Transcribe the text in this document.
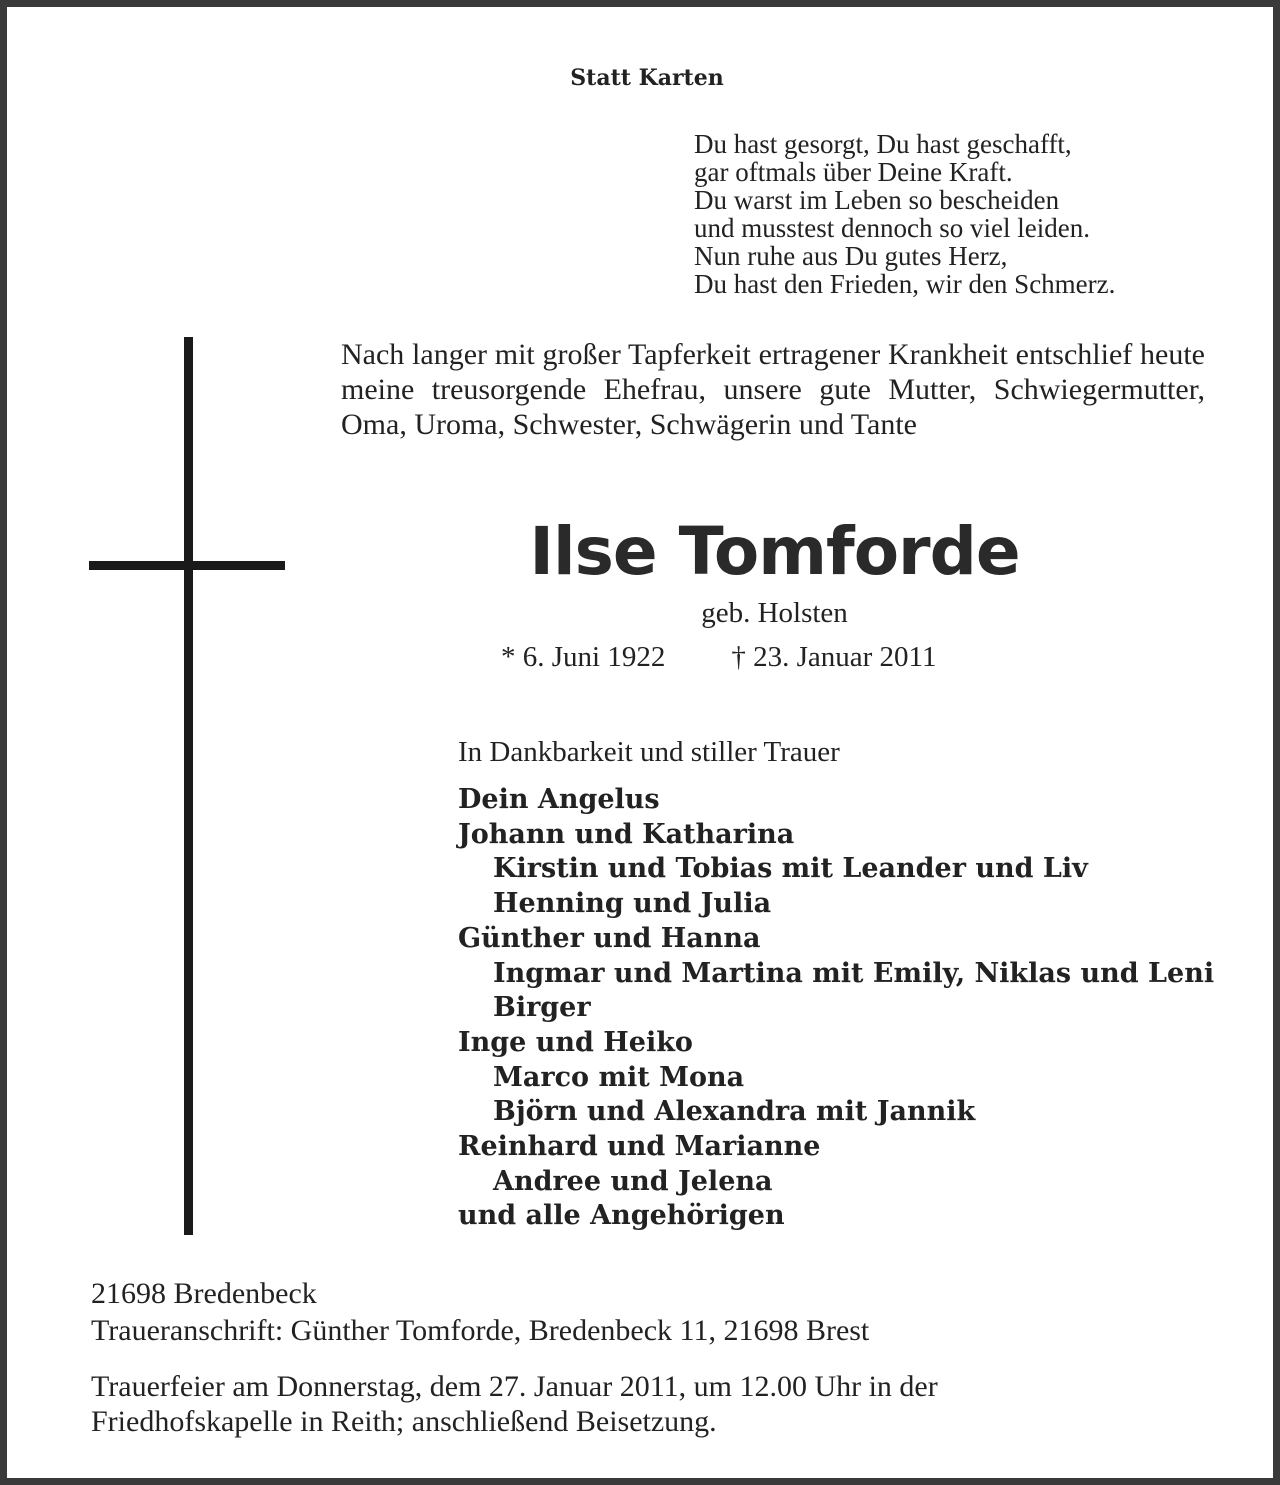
Statt Karten
Du hast gesorgt, Du hast geschafft,
gar oftmals über Deine Kraft.
Du warst im Leben so bescheiden
und musstest dennoch so viel leiden.
Nun ruhe aus Du gutes Herz,
Du hast den Frieden, wir den Schmerz.
Nach langer mit großer Tapferkeit ertragener Krankheit entschlief heute meine treusorgende Ehefrau, unsere gute Mutter, Schwiegermutter, Oma, Uroma, Schwester, Schwägerin und Tante
Ilse Tomforde
geb. Holsten
* 6. Juni 1922 † 23. Januar 2011
In Dankbarkeit und stiller Trauer
Dein Angelus
Johann und Katharina
Kirstin und Tobias mit Leander und Liv
Henning und Julia
Günther und Hanna
Ingmar und Martina mit Emily, Niklas und Leni
Birger
Inge und Heiko
Marco mit Mona
Björn und Alexandra mit Jannik
Reinhard und Marianne
Andree und Jelena
und alle Angehörigen
21698 Bredenbeck
Traueranschrift: Günther Tomforde, Bredenbeck 11, 21698 Brest
Trauerfeier am Donnerstag, dem 27. Januar 2011, um 12.00 Uhr in der
Friedhofskapelle in Reith; anschließend Beisetzung.
